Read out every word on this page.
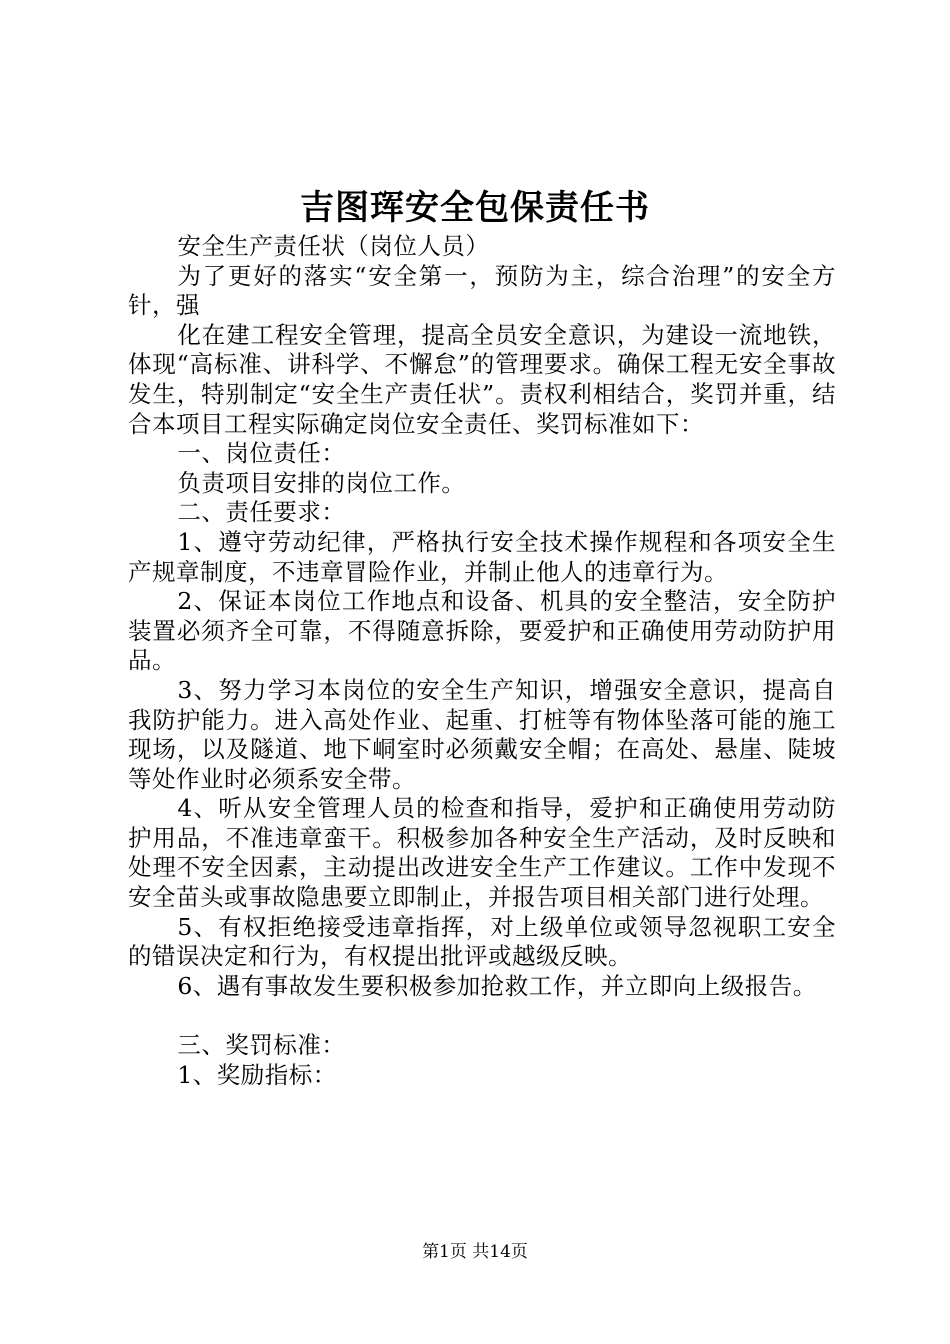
吉图珲安全包保责任书

安全生产责任状（岗位人员）

为了更好的落实“安全第一，预防为主，综合治理”的安全方针，强

化在建工程安全管理，提高全员安全意识，为建设一流地铁，体现“高标准、讲科学、不懈怠”的管理要求。确保工程无安全事故发生，特别制定“安全生产责任状”。责权利相结合，奖罚并重，结合本项目工程实际确定岗位安全责任、奖罚标准如下：

一、岗位责任：

负责项目安排的岗位工作。

二、责任要求：

1、遵守劳动纪律，严格执行安全技术操作规程和各项安全生产规章制度，不违章冒险作业，并制止他人的违章行为。

2、保证本岗位工作地点和设备、机具的安全整洁，安全防护装置必须齐全可靠，不得随意拆除，要爱护和正确使用劳动防护用品。

3、努力学习本岗位的安全生产知识，增强安全意识，提高自我防护能力。进入高处作业、起重、打桩等有物体坠落可能的施工现场，以及隧道、地下峒室时必须戴安全帽；在高处、悬崖、陡坡等处作业时必须系安全带。

4、听从安全管理人员的检查和指导，爱护和正确使用劳动防护用品，不准违章蛮干。积极参加各种安全生产活动，及时反映和处理不安全因素，主动提出改进安全生产工作建议。工作中发现不安全苗头或事故隐患要立即制止，并报告项目相关部门进行处理。

5、有权拒绝接受违章指挥，对上级单位或领导忽视职工安全的错误决定和行为，有权提出批评或越级反映。

6、遇有事故发生要积极参加抢救工作，并立即向上级报告。

三、奖罚标准：

1、奖励指标：

第1页 共14页
